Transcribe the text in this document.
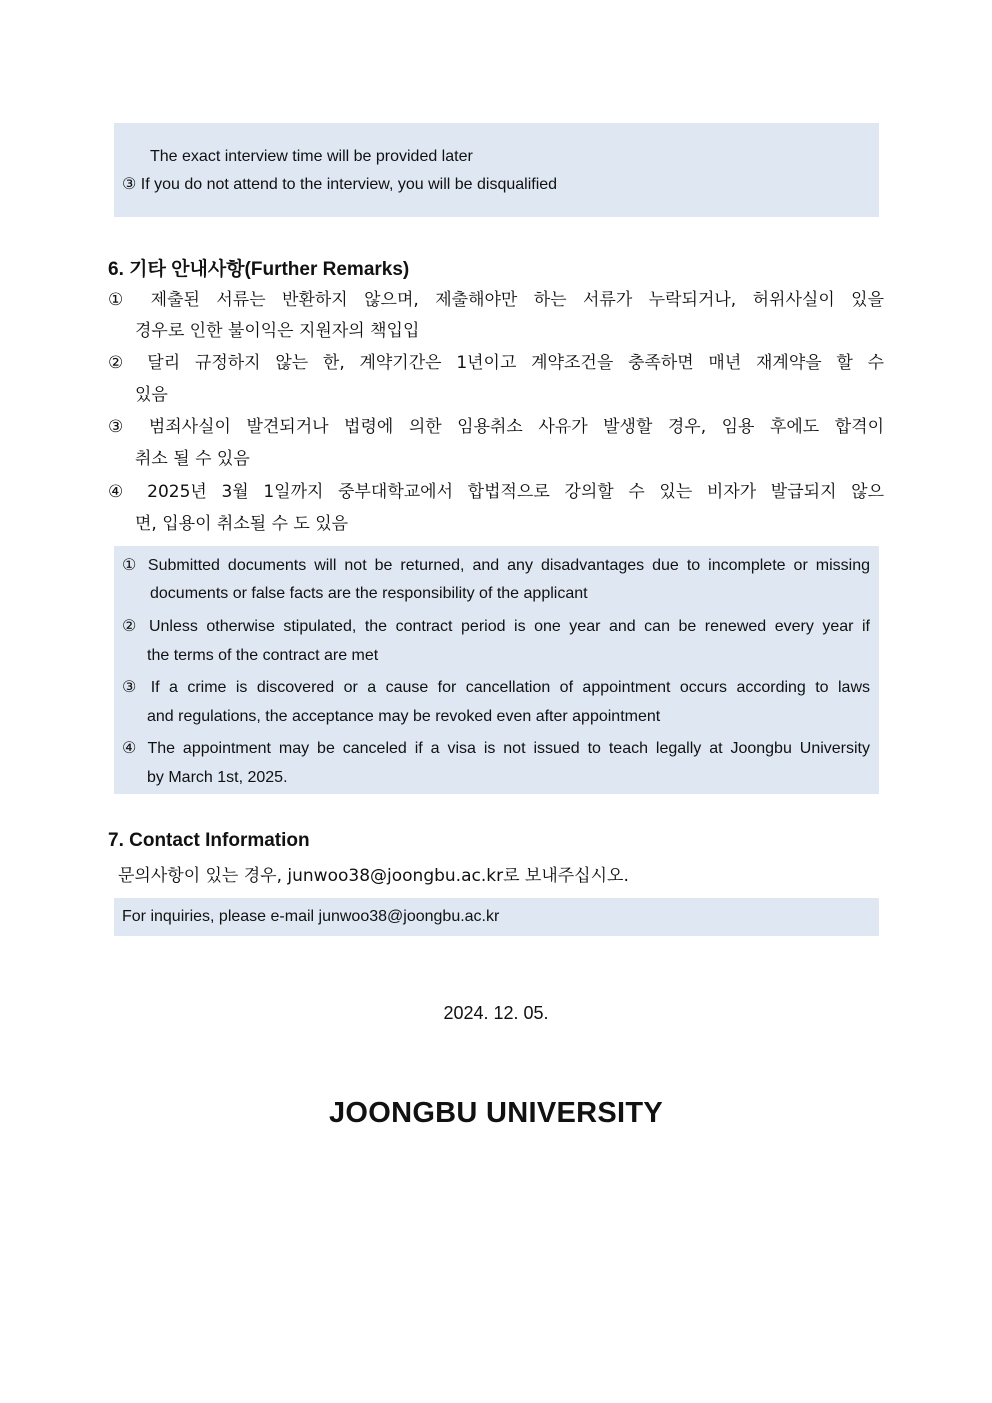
The exact interview time will be provided later
③ If you do not attend to the interview, you will be disqualified
6. 기타 안내사항(Further Remarks)
① 제출된 서류는 반환하지 않으며, 제출해야만 하는 서류가 누락되거나, 허위사실이 있을
경우로 인한 불이익은 지원자의 책입입
② 달리 규정하지 않는 한, 계약기간은 1년이고 계약조건을 충족하면 매년 재계약을 할 수
있음
③ 범죄사실이 발견되거나 법령에 의한 임용취소 사유가 발생할 경우, 임용 후에도 합격이
취소 될 수 있음
④ 2025년 3월 1일까지 중부대학교에서 합법적으로 강의할 수 있는 비자가 발급되지 않으
면, 입용이 취소될 수 도 있음
① Submitted documents will not be returned, and any disadvantages due to incomplete or missing
documents or false facts are the responsibility of the applicant
② Unless otherwise stipulated, the contract period is one year and can be renewed every year if
the terms of the contract are met
③ If a crime is discovered or a cause for cancellation of appointment occurs according to laws
and regulations, the acceptance may be revoked even after appointment
④ The appointment may be canceled if a visa is not issued to teach legally at Joongbu University
by March 1st, 2025.
7. Contact Information
문의사항이 있는 경우, junwoo38@joongbu.ac.kr로 보내주십시오.
For inquiries, please e-mail junwoo38@joongbu.ac.kr
2024. 12. 05.
JOONGBU UNIVERSITY
